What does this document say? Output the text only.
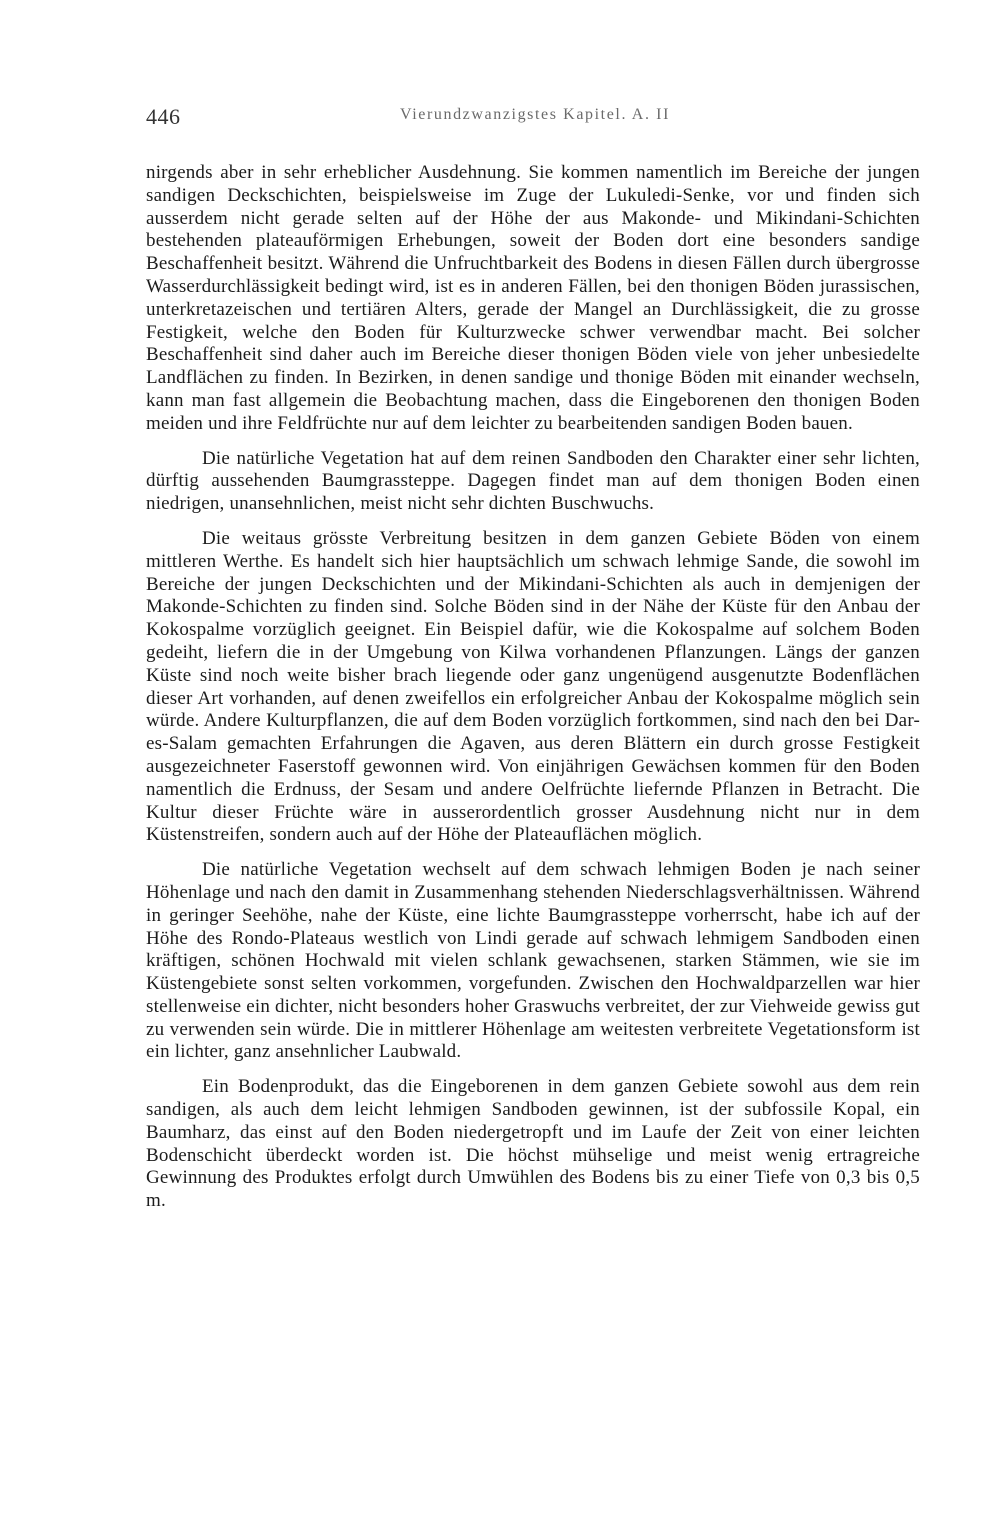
446	Vierundzwanzigstes Kapitel. A. II

nirgends aber in sehr erheblicher Ausdehnung. Sie kommen namentlich im Bereiche der jungen sandigen Deckschichten, beispielsweise im Zuge der Lukuledi-Senke, vor und finden sich ausserdem nicht gerade selten auf der Höhe der aus Makonde- und Mikindani-Schichten bestehenden plateauförmigen Erhebungen, soweit der Boden dort eine besonders sandige Beschaffenheit besitzt. Während die Unfruchtbarkeit des Bodens in diesen Fällen durch übergrosse Wasserdurchlässigkeit bedingt wird, ist es in anderen Fällen, bei den thonigen Böden jurassischen, unterkretazeischen und tertiären Alters, gerade der Mangel an Durchlässigkeit, die zu grosse Festigkeit, welche den Boden für Kulturzwecke schwer verwendbar macht. Bei solcher Beschaffenheit sind daher auch im Bereiche dieser thonigen Böden viele von jeher unbesiedelte Landflächen zu finden. In Bezirken, in denen sandige und thonige Böden mit einander wechseln, kann man fast allgemein die Beobachtung machen, dass die Eingeborenen den thonigen Boden meiden und ihre Feldfrüchte nur auf dem leichter zu bearbeitenden sandigen Boden bauen.

Die natürliche Vegetation hat auf dem reinen Sandboden den Charakter einer sehr lichten, dürftig aussehenden Baumgrassteppe. Dagegen findet man auf dem thonigen Boden einen niedrigen, unansehnlichen, meist nicht sehr dichten Buschwuchs.

Die weitaus grösste Verbreitung besitzen in dem ganzen Gebiete Böden von einem mittleren Werthe. Es handelt sich hier hauptsächlich um schwach lehmige Sande, die sowohl im Bereiche der jungen Deckschichten und der Mikindani-Schichten als auch in demjenigen der Makonde-Schichten zu finden sind. Solche Böden sind in der Nähe der Küste für den Anbau der Kokospalme vorzüglich geeignet. Ein Beispiel dafür, wie die Kokospalme auf solchem Boden gedeiht, liefern die in der Umgebung von Kilwa vorhandenen Pflanzungen. Längs der ganzen Küste sind noch weite bisher brach liegende oder ganz ungenügend ausgenutzte Bodenflächen dieser Art vorhanden, auf denen zweifellos ein erfolgreicher Anbau der Kokospalme möglich sein würde. Andere Kulturpflanzen, die auf dem Boden vorzüglich fortkommen, sind nach den bei Dar-es-Salam gemachten Erfahrungen die Agaven, aus deren Blättern ein durch grosse Festigkeit ausgezeichneter Faserstoff gewonnen wird. Von einjährigen Gewächsen kommen für den Boden namentlich die Erdnuss, der Sesam und andere Oelfrüchte liefernde Pflanzen in Betracht. Die Kultur dieser Früchte wäre in ausserordentlich grosser Ausdehnung nicht nur in dem Küstenstreifen, sondern auch auf der Höhe der Plateauflächen möglich.

Die natürliche Vegetation wechselt auf dem schwach lehmigen Boden je nach seiner Höhenlage und nach den damit in Zusammenhang stehenden Niederschlagsverhältnissen. Während in geringer Seehöhe, nahe der Küste, eine lichte Baumgrassteppe vorherrscht, habe ich auf der Höhe des Rondo-Plateaus westlich von Lindi gerade auf schwach lehmigem Sandboden einen kräftigen, schönen Hochwald mit vielen schlank gewachsenen, starken Stämmen, wie sie im Küstengebiete sonst selten vorkommen, vorgefunden. Zwischen den Hochwaldparzellen war hier stellenweise ein dichter, nicht besonders hoher Graswuchs verbreitet, der zur Viehweide gewiss gut zu verwenden sein würde. Die in mittlerer Höhenlage am weitesten verbreitete Vegetationsform ist ein lichter, ganz ansehnlicher Laubwald.

Ein Bodenprodukt, das die Eingeborenen in dem ganzen Gebiete sowohl aus dem rein sandigen, als auch dem leicht lehmigen Sandboden gewinnen, ist der subfossile Kopal, ein Baumharz, das einst auf den Boden niedergetropft und im Laufe der Zeit von einer leichten Bodenschicht überdeckt worden ist. Die höchst mühselige und meist wenig ertragreiche Gewinnung des Produktes erfolgt durch Umwühlen des Bodens bis zu einer Tiefe von 0,3 bis 0,5 m.
